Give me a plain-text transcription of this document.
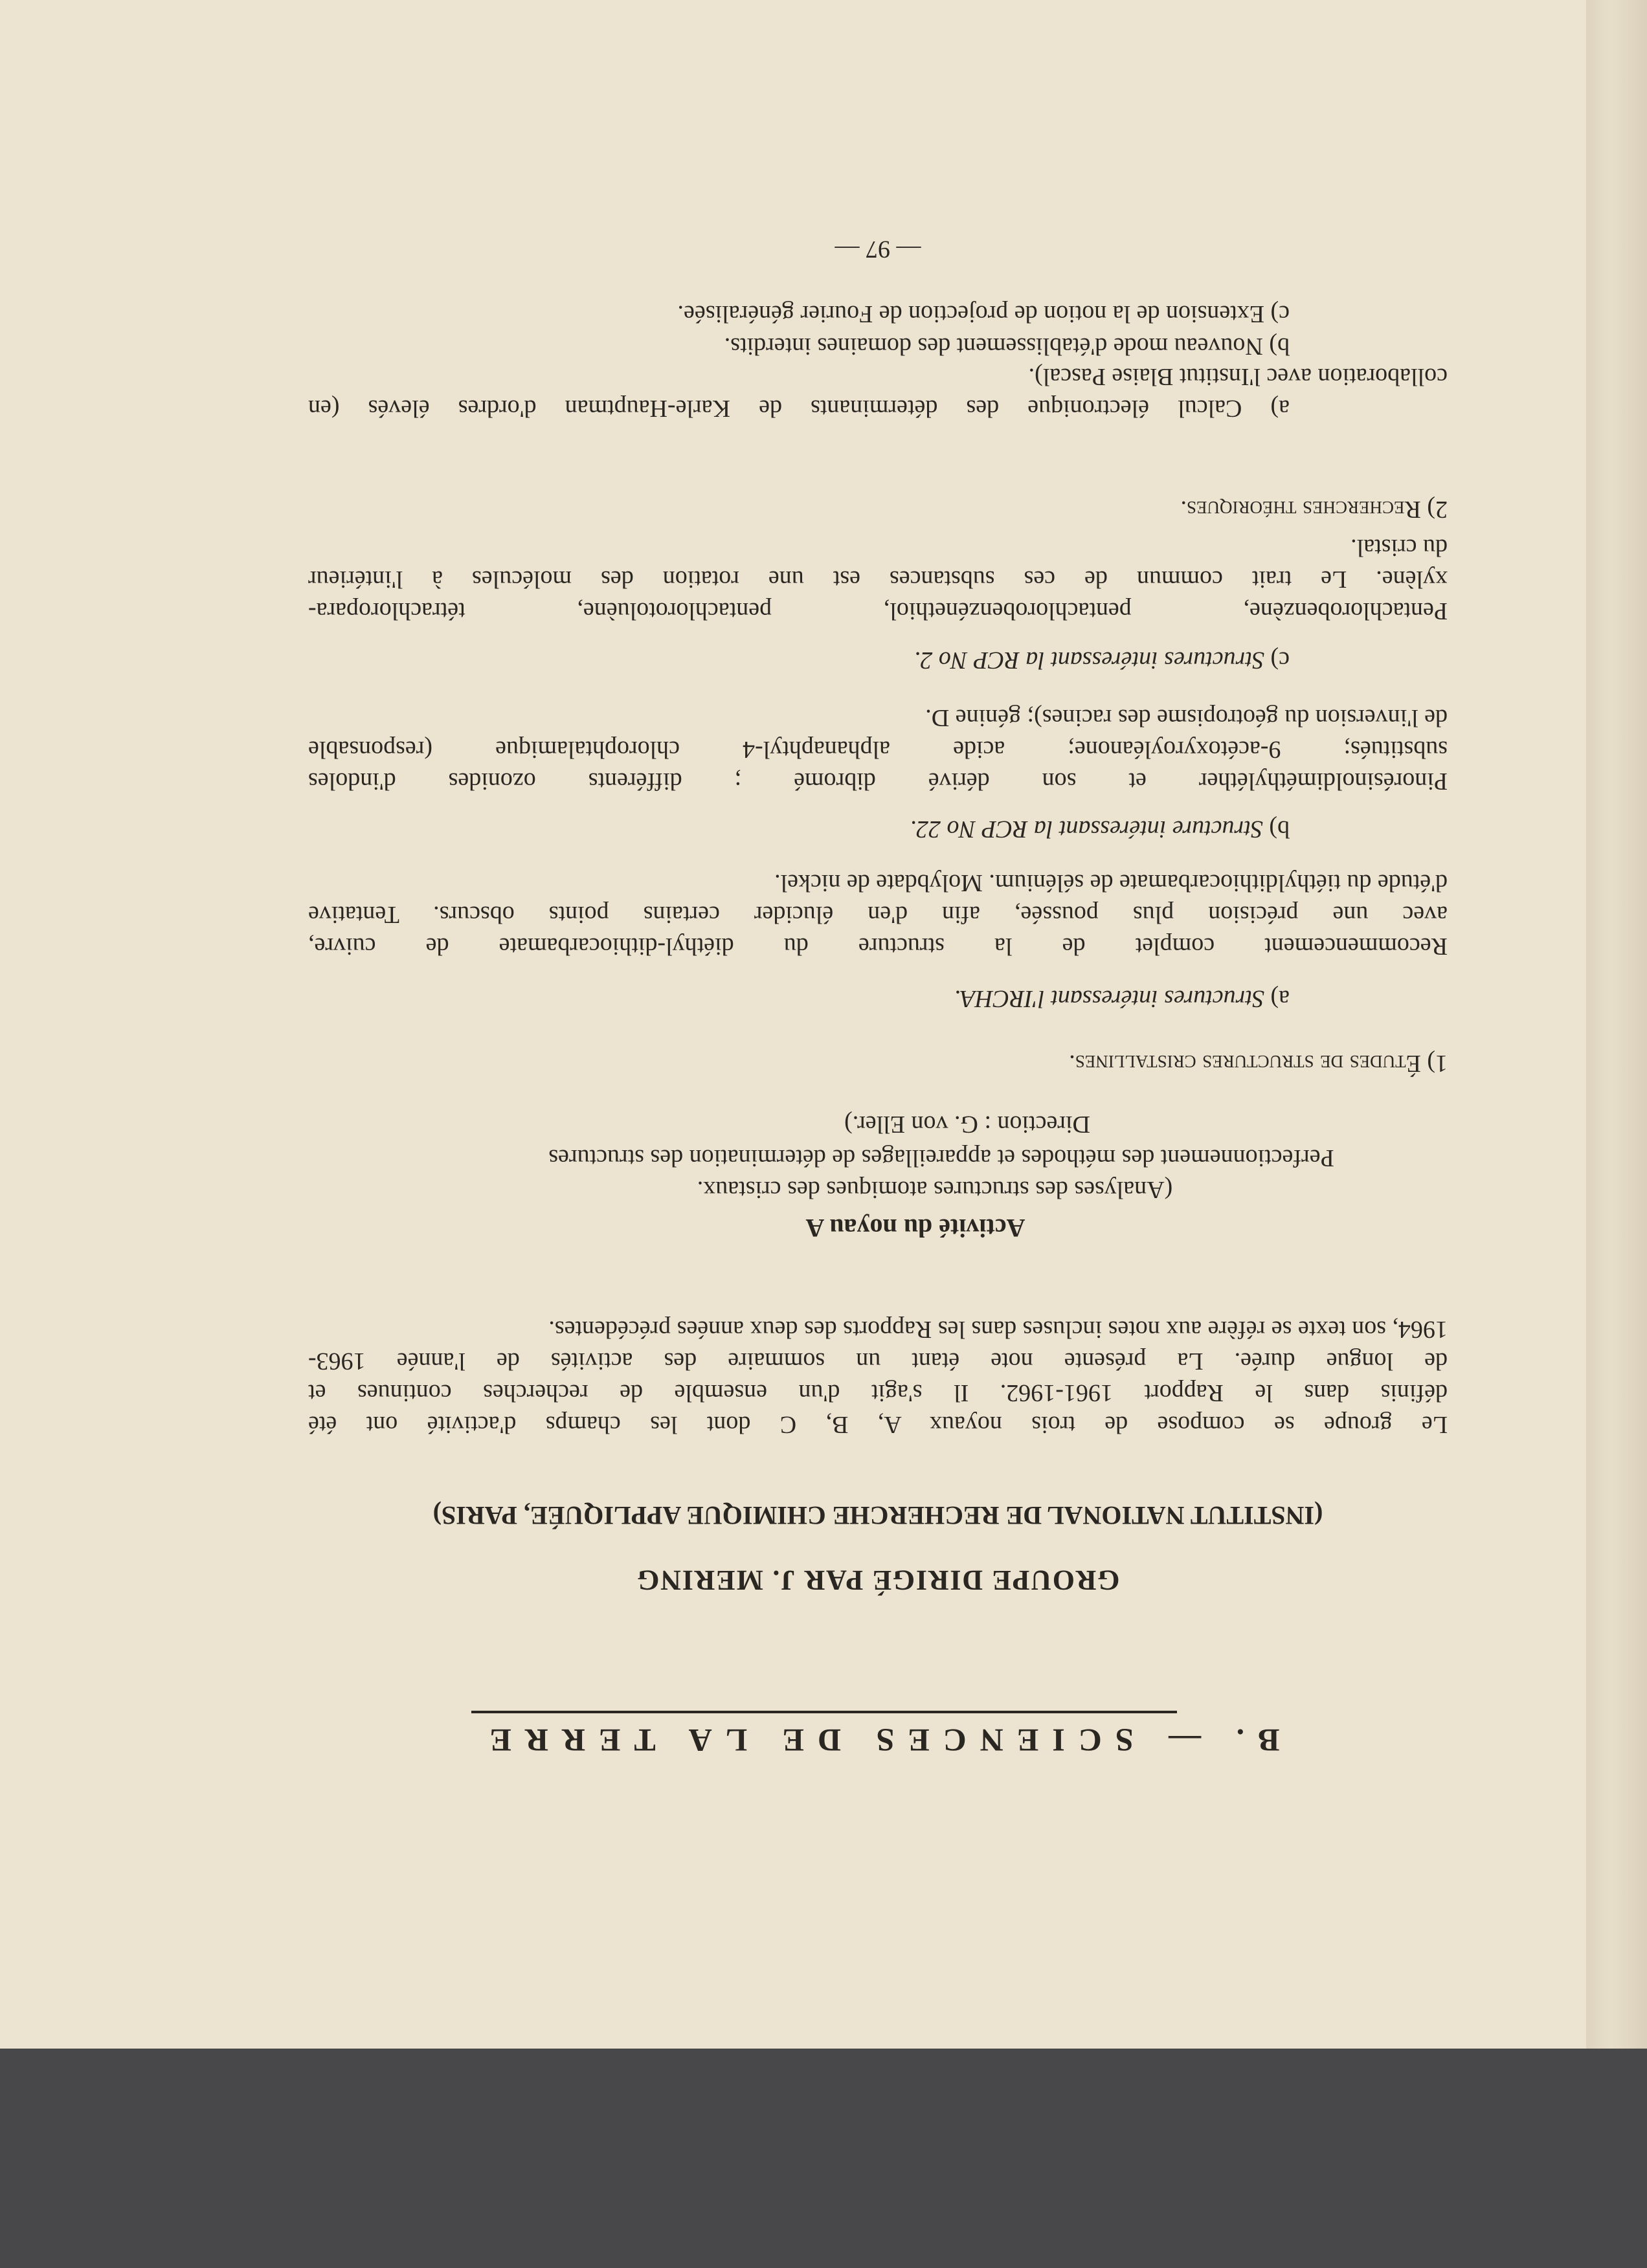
B. — SCIENCES DE LA TERRE
GROUPE DIRIGÉ PAR J. MERING
(INSTITUT NATIONAL DE RECHERCHE CHIMIQUE APPLIQUÉE, PARIS)
Le groupe se compose de trois noyaux A, B, C dont les champs d'activité ont été
définis dans le Rapport 1961-1962. Il s'agit d'un ensemble de recherches continues et
de longue durée. La présente note étant un sommaire des activités de l'année 1963-
1964, son texte se réfère aux notes incluses dans les Rapports des deux années précédentes.
Activité du noyau A
(Analyses des structures atomiques des cristaux.
Perfectionnement des méthodes et appareillages de détermination des structures
Direction : G. von Eller.)
1) Études de structures cristallines.
a) Structures intéressant l'IRCHA.
Recommencement complet de la structure du diéthyl-dithiocarbamate de cuivre,
avec une précision plus poussée, afin d'en élucider certains points obscurs. Tentative
d'étude du tiéthyldithiocarbamate de sélénium. Molybdate de nickel.
b) Structure intéressant la RCP No 22.
Pinorésinoldiméthyléther et son dérivé dibromé ; différents ozonides d'indoles
substitués; 9-acétoxyroyléanone; acide alphanaphtyl-4 chlorophtalamique (responsable
de l'inversion du géotropisme des racines); génine D.
c) Structures intéressant la RCP No 2.
Pentachlorobenzène, pentachlorobenzénethiol, pentachlorotoluène, tétrachloropara-
xylène. Le trait commun de ces substances est une rotation des molécules à l'intérieur
du cristal.
2) Recherches théoriques.
a) Calcul électronique des déterminants de Karle-Hauptman d'ordres élevés (en
collaboration avec l'Institut Blaise Pascal).
b) Nouveau mode d'établissement des domaines interdits.
c) Extension de la notion de projection de Fourier généralisée.
— 97 —
